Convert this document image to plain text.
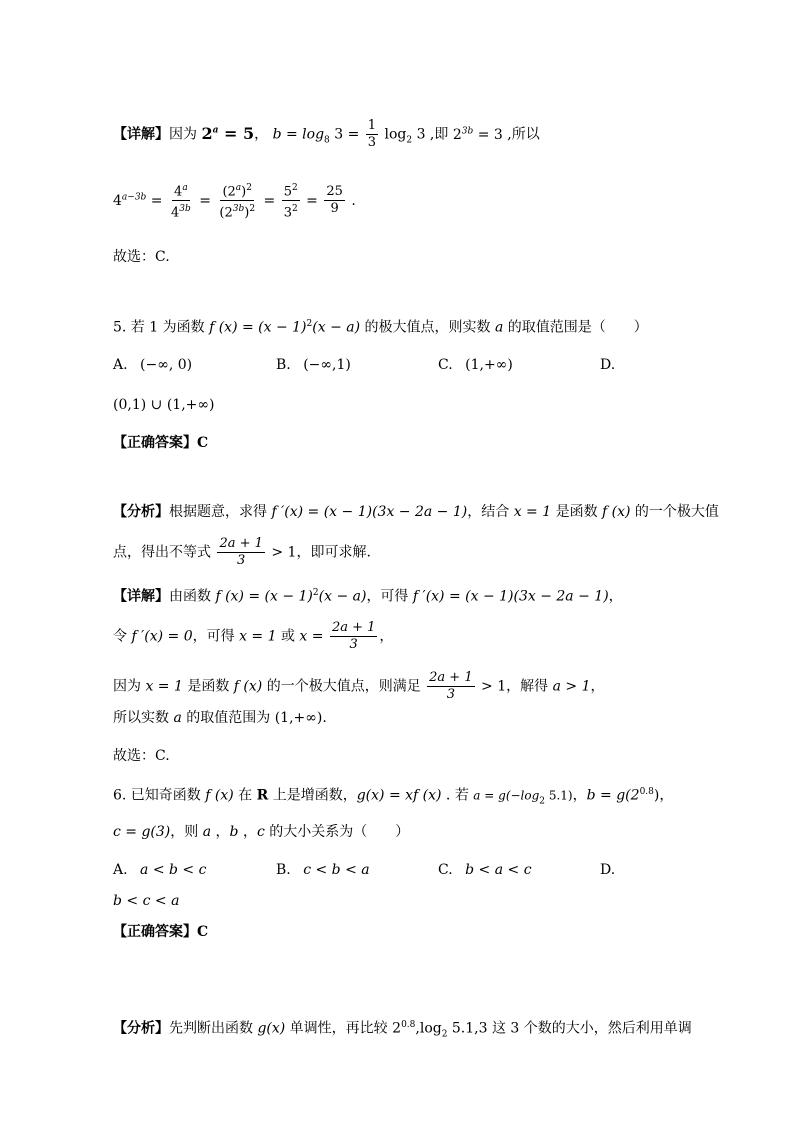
【详解】因为 $2^a = 5$， $b = \log_8 3 = \frac{1}{3} \log_2 3$ ,即 $2^{3b} = 3$ ,所以
$4^{a-3b} = \frac{4^a}{4^{3b}} = \frac{(2^a)^2}{(2^{3b})^2} = \frac{5^2}{3^2} = \frac{25}{9}$ .
故选：C.
5. 若 1 为函数 f $(x) = (x - 1)^2(x - a)$ 的极大值点，则实数 a 的取值范围是（　　）
A. (−∞, 0)	B. (−∞,1)	C. (1,+∞)	D.
(0,1) ∪ (1,+∞)
【正确答案】C
【分析】根据题意，求得 f ′(x) = (x − 1)(3x − 2a − 1)，结合 x = 1 是函数 f (x) 的一个极大值
点，得出不等式 $\frac{2a + 1}{3} > 1$，即可求解.
【详解】由函数 f $(x) = (x - 1)^2(x - a)$，可得 f ′(x) = (x − 1)(3x − 2a − 1)，
令 f ′(x) = 0，可得 x = 1 或 $x = \frac{2a + 1}{3}$ ，
因为 x = 1 是函数 f (x) 的一个极大值点，则满足 $\frac{2a + 1}{3} > 1$，解得 a > 1，
所以实数 a 的取值范围为 (1,+∞).
故选：C.
6. 已知奇函数 f (x) 在 R 上是增函数，g(x) = xf (x) . 若 $a = g(-\log_2$ 5.1)，$b = g(2^{0.8})$，
c = g(3)，则 a ，b ，c 的大小关系为（　　）
A. a < b < c	B. c < b < a	C. b < a < c	D.
b < c < a
【正确答案】C
【分析】先判断出函数 g(x) 单调性，再比较 $2^{0.8},\log_2$ 5.1,3 这 3 个数的大小，然后利用单调
